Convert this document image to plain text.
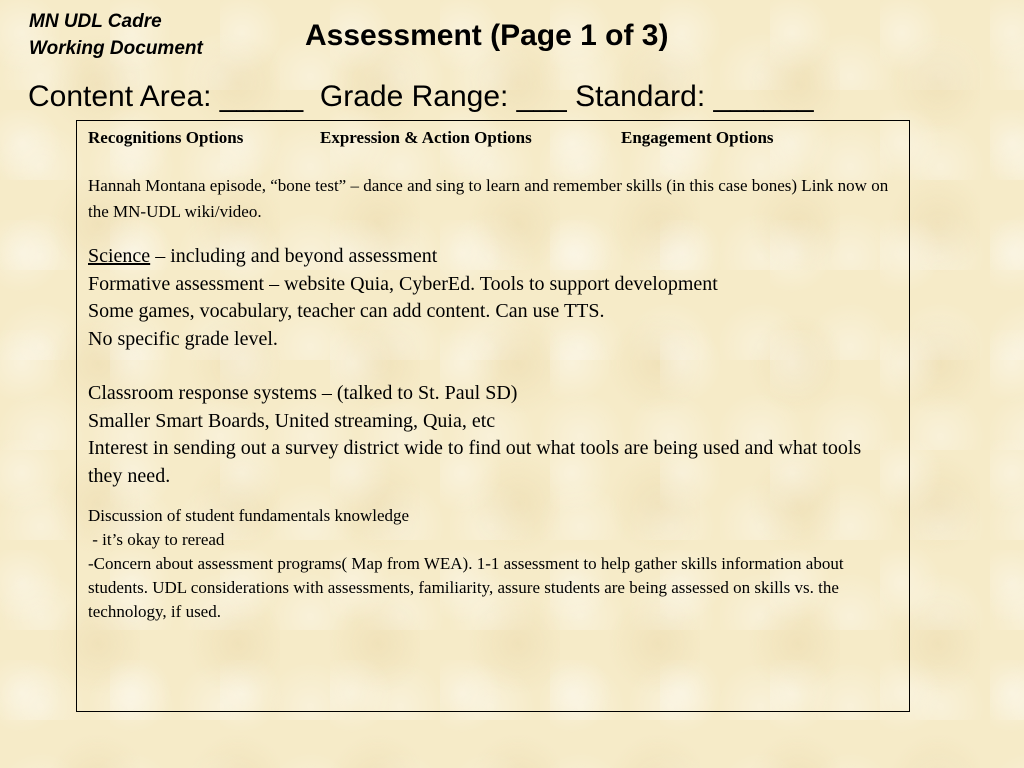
MN UDL Cadre
Working Document	Assessment (Page 1 of 3)
Content Area: _____ Grade Range: ___ Standard: ______
Recognitions Options	Expression & Action Options	Engagement Options

Hannah Montana episode, “bone test” – dance and sing to learn and remember skills (in this case bones) Link now on the MN-UDL wiki/video.

Science – including and beyond assessment

Formative assessment – website Quia, CyberEd. Tools to support development

Some games, vocabulary, teacher can add content. Can use TTS.

No specific grade level.

Classroom response systems – (talked to St. Paul SD)

Smaller Smart Boards, United streaming, Quia, etc

Interest in sending out a survey district wide to find out what tools are being used and what tools they need.

Discussion of student fundamentals knowledge

- it’s okay to reread

-Concern about assessment programs( Map from WEA). 1-1 assessment to help gather skills information about students. UDL considerations with assessments, familiarity, assure students are being assessed on skills vs. the technology, if used.
